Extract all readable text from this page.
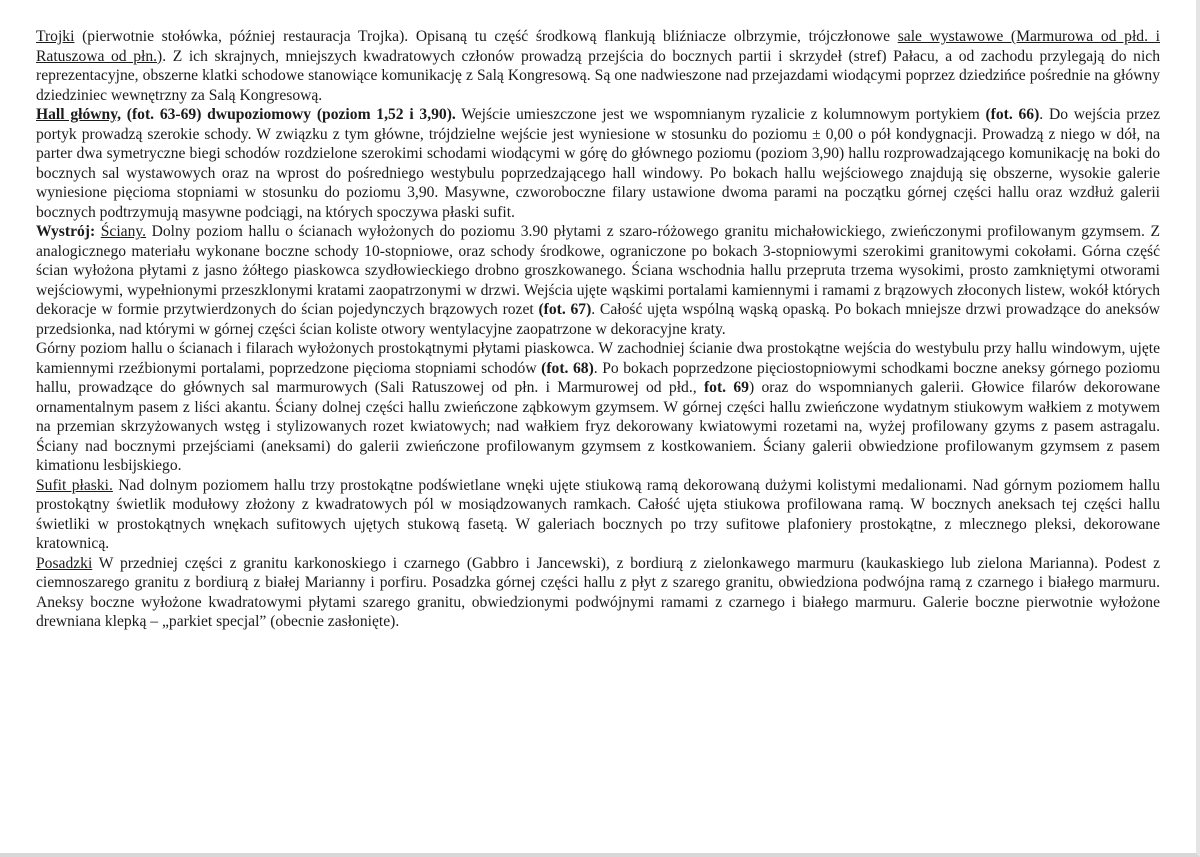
Trojki (pierwotnie stołówka, później restauracja Trojka). Opisaną tu część środkową flankują bliźniacze olbrzymie, trójczłonowe sale wystawowe (Marmurowa od płd. i Ratuszowa od płn.). Z ich skrajnych, mniejszych kwadratowych członów prowadzą przejścia do bocznych partii i skrzydeł (stref) Pałacu, a od zachodu przylegają do nich reprezentacyjne, obszerne klatki schodowe stanowiące komunikację z Salą Kongresową. Są one nadwieszone nad przejazdami wiodącymi poprzez dziedzińce pośrednie na główny dziedziniec wewnętrzny za Salą Kongresową.

Hall główny, (fot. 63-69) dwupoziomowy (poziom 1,52 i 3,90). Wejście umieszczone jest we wspomnianym ryzalicie z kolumnowym portykiem (fot. 66). Do wejścia przez portyk prowadzą szerokie schody. W związku z tym główne, trójdzielne wejście jest wyniesione w stosunku do poziomu ± 0,00 o pół kondygnacji. Prowadzą z niego w dół, na parter dwa symetryczne biegi schodów rozdzielone szerokimi schodami wiodącymi w górę do głównego poziomu (poziom 3,90) hallu rozprowadzającego komunikację na boki do bocznych sal wystawowych oraz na wprost do pośredniego westybulu poprzedzającego hall windowy. Po bokach hallu wejściowego znajdują się obszerne, wysokie galerie wyniesione pięcioma stopniami w stosunku do poziomu 3,90. Masywne, czworoboczne filary ustawione dwoma parami na początku górnej części hallu oraz wzdłuż galerii bocznych podtrzymują masywne podciągi, na których spoczywa płaski sufit.

Wystrój: Ściany. Dolny poziom hallu o ścianach wyłożonych do poziomu 3.90 płytami z szaro-różowego granitu michałowickiego, zwieńczonymi profilowanym gzymsem. Z analogicznego materiału wykonane boczne schody 10-stopniowe, oraz schody środkowe, ograniczone po bokach 3-stopniowymi szerokimi granitowymi cokołami. Górna część ścian wyłożona płytami z jasno żółtego piaskowca szydłowieckiego drobno groszkowanego. Ściana wschodnia hallu przeprutа trzema wysokimi, prosto zamkniętymi otworami wejściowymi, wypełnionymi przeszklonymi kratami zaopatrzonymi w drzwi. Wejścia ujęte wąskimi portalami kamiennymi i ramami z brązowych złoconych listew, wokół których dekoracje w formie przytwierdzonych do ścian pojedynczych brązowych rozet (fot. 67). Całość ujęta wspólną wąską opaską. Po bokach mniejsze drzwi prowadzące do aneksów przedsionka, nad którymi w górnej części ścian koliste otwory wentylacyjne zaopatrzone w dekoracyjne kraty.

Górny poziom hallu o ścianach i filarach wyłożonych prostokątnymi płytami piaskowca. W zachodniej ścianie dwa prostokątne wejścia do westybulu przy hallu windowym, ujęte kamiennymi rzeźbionymi portalami, poprzedzone pięcioma stopniami schodów (fot. 68). Po bokach poprzedzone pięciostopniowymi schodkami boczne aneksy górnego poziomu hallu, prowadzące do głównych sal marmurowych (Sali Ratuszowej od płn. i Marmurowej od płd., fot. 69) oraz do wspomnianych galerii. Głowice filarów dekorowane ornamentalnym pasem z liści akantu. Ściany dolnej części hallu zwieńczone ząbkowym gzymsem. W górnej części hallu zwieńczone wydatnym stiukowym wałkiem z motywem na przemian skrzyżowanych wstęg i stylizowanych rozet kwiatowych; nad wałkiem fryz dekorowany kwiatowymi rozetami na, wyżej profilowany gzyms z pasem astragalu. Ściany nad bocznymi przejściami (aneksami) do galerii zwieńczone profilowanym gzymsem z kostkowaniem. Ściany galerii obwiedzione profilowanym gzymsem z pasem kimationu lesbijskiego.

Sufit płaski. Nad dolnym poziomem hallu trzy prostokątne podświetlane wnęki ujęte stiukową ramą dekorowaną dużymi kolistymi medalionami. Nad górnym poziomem hallu prostokątny świetlik modułowy złożony z kwadratowych pól w mosiądzowanych ramkach. Całość ujęta stiukowa profilowana ramą. W bocznych aneksach tej części hallu świetliki w prostokątnych wnękach sufitowych ujętych stukową fasetą. W galeriach bocznych po trzy sufitowe plafoniery prostokątne, z mlecznego pleksi, dekorowane kratownicą.

Posadzki W przedniej części z granitu karkonoskiego i czarnego (Gabbro i Jancewski), z bordiurą z zielonkawego marmuru (kaukaskiego lub zielona Marianna). Podest z ciemnoszarego granitu z bordiurą z białej Marianny i porfiru. Posadzka górnej części hallu z płyt z szarego granitu, obwiedziona podwójna ramą z czarnego i białego marmuru. Aneksy boczne wyłożone kwadratowymi płytami szarego granitu, obwiedzionymi podwójnymi ramami z czarnego i białego marmuru. Galerie boczne pierwotnie wyłożone drewniana klepką – „parkiet specjal” (obecnie zasłonięte).
